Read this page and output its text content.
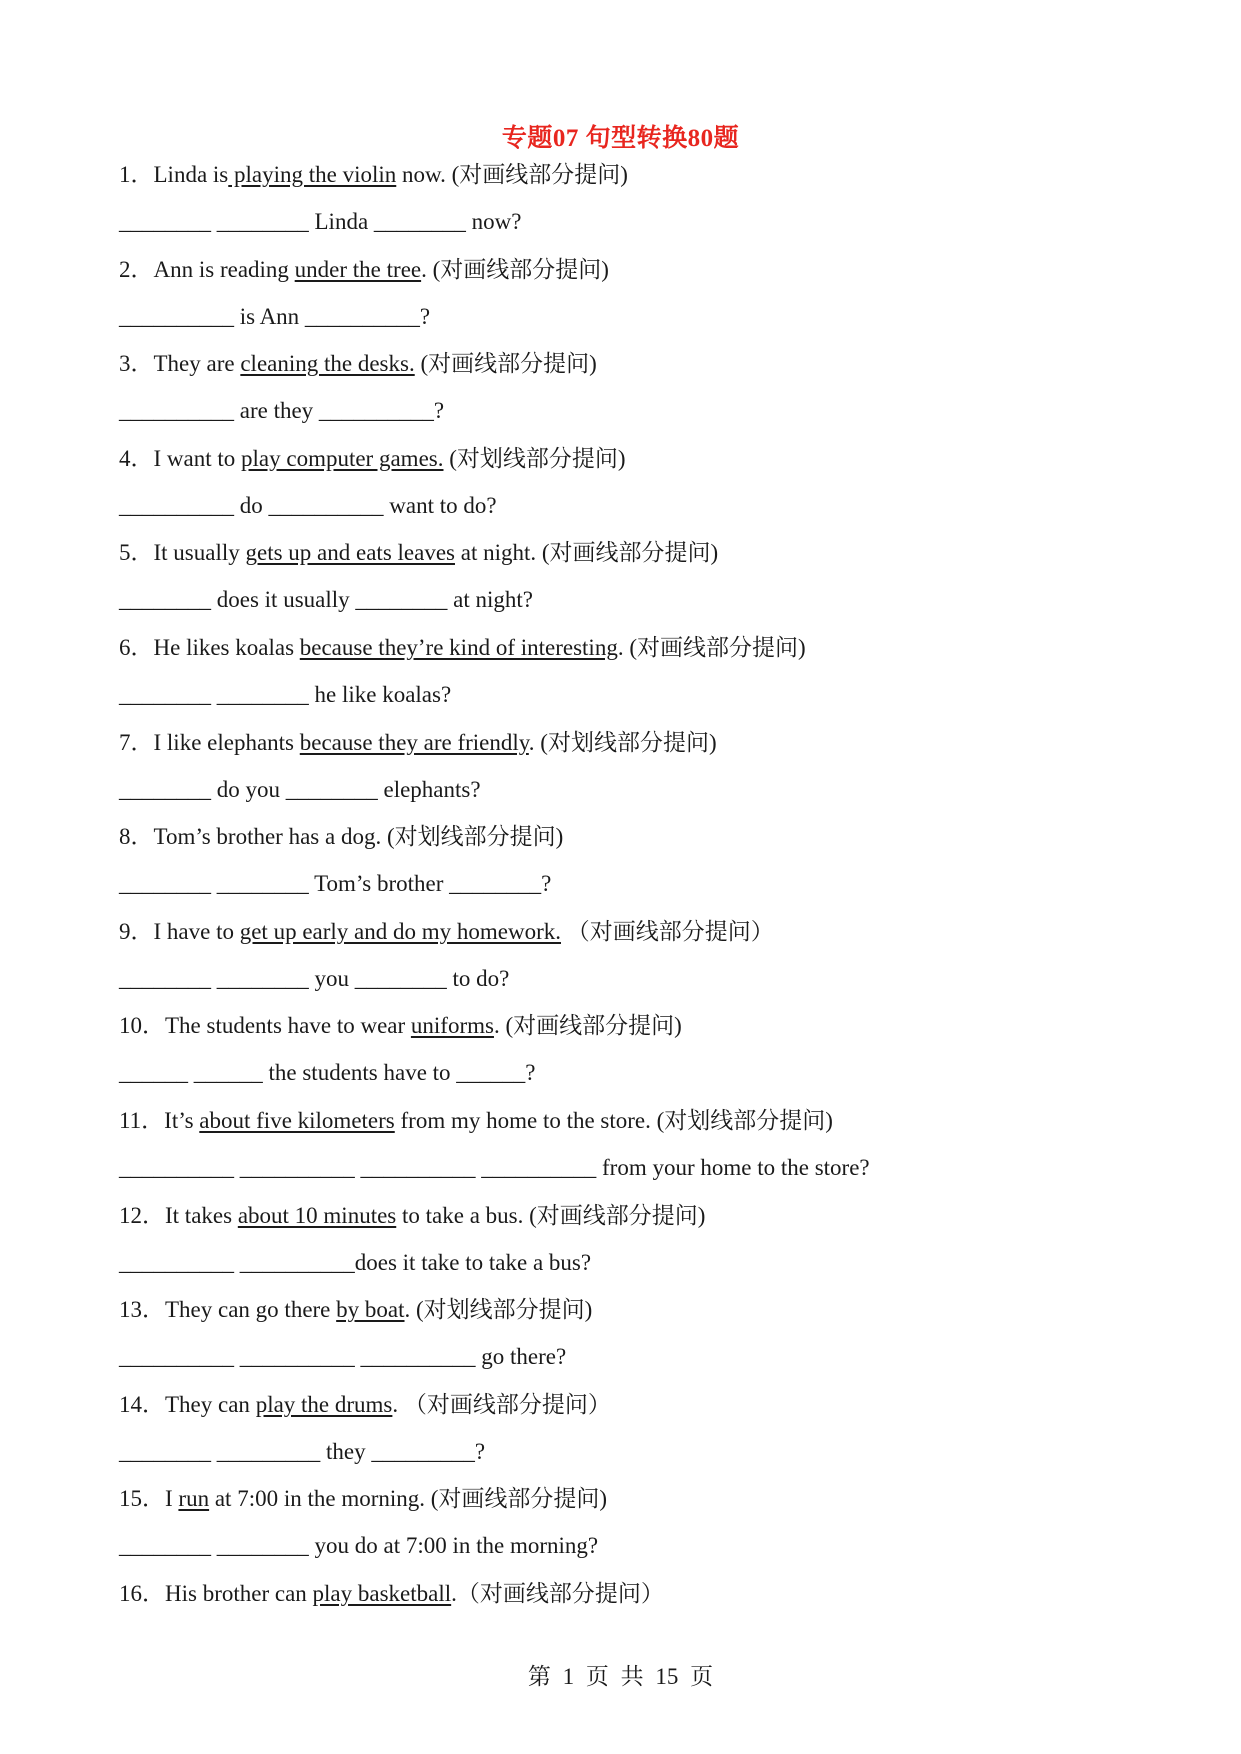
专题07 句型转换80题
1．Linda is playing the violin now. (对画线部分提问)
________ ________ Linda ________ now?
2．Ann is reading under the tree. (对画线部分提问)
__________ is Ann __________?
3．They are cleaning the desks. (对画线部分提问)
__________ are they __________?
4．I want to play computer games. (对划线部分提问)
__________ do __________ want to do?
5．It usually gets up and eats leaves at night. (对画线部分提问)
________ does it usually ________ at night?
6．He likes koalas because they’re kind of interesting. (对画线部分提问)
________ ________ he like koalas?
7．I like elephants because they are friendly. (对划线部分提问)
________ do you ________ elephants?
8．Tom’s brother has a dog. (对划线部分提问)
________ ________ Tom’s brother ________?
9．I have to get up early and do my homework. （对画线部分提问）
________ ________ you ________ to do?
10．The students have to wear uniforms. (对画线部分提问)
______ ______ the students have to ______?
11．It’s about five kilometers from my home to the store. (对划线部分提问)
__________ __________ __________ __________ from your home to the store?
12．It takes about 10 minutes to take a bus. (对画线部分提问)
__________ __________does it take to take a bus?
13．They can go there by boat. (对划线部分提问)
__________ __________ __________ go there?
14．They can play the drums. （对画线部分提问）
________ _________ they _________?
15．I run at 7:00 in the morning. (对画线部分提问)
________ ________ you do at 7:00 in the morning?
16．His brother can play basketball.（对画线部分提问）
第 1 页 共 15 页
